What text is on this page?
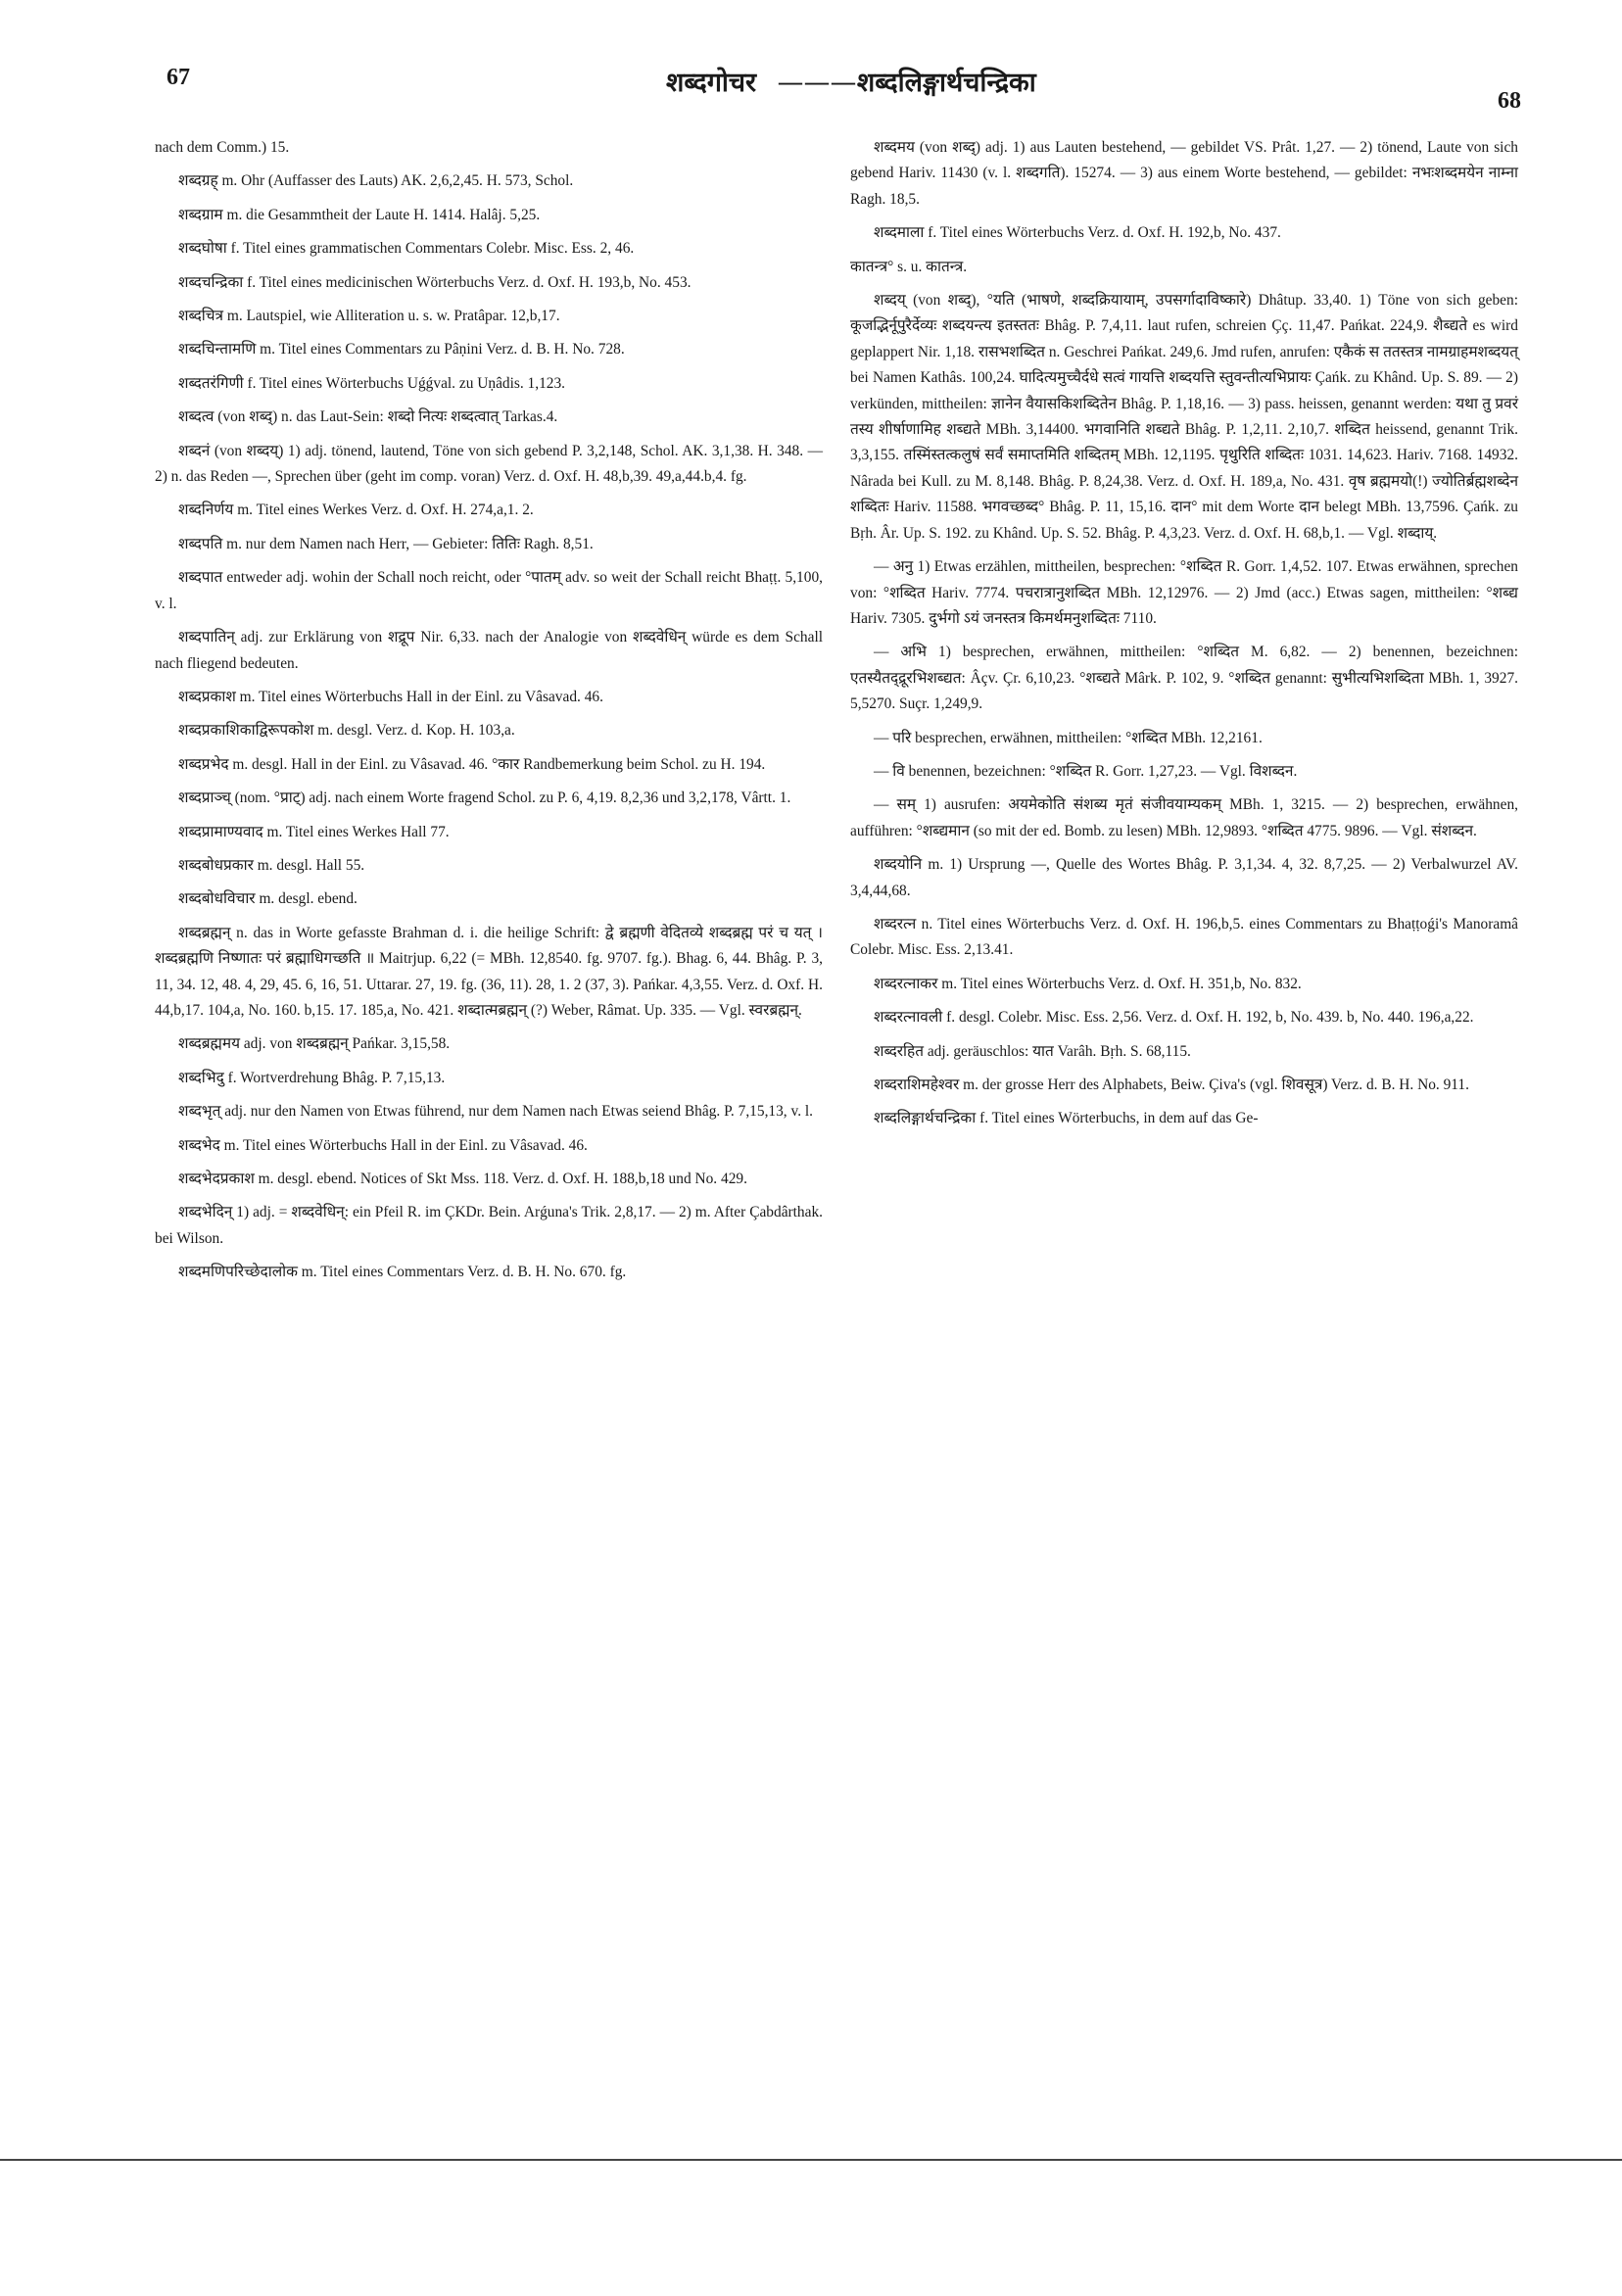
67	शब्दगोचर ——— शब्दलिङ्गार्थचन्द्रिका
68

nach dem Comm.) 15.

शब्दग्रह् m. Ohr (Auffasser des Lauts) AK. 2,6,2,45. H. 573, Schol.

शब्दग्राम m. die Gesammtheit der Laute H. 1414. Halâj. 5,25.

शब्दघोषा f. Titel eines grammatischen Commentars Colebr. Misc. Ess. 2, 46.

शब्दचन्द्रिका f. Titel eines medicinischen Wörterbuchs Verz. d. Oxf. H. 193,b, No. 453.

शब्दचित्र m. Lautspiel, wie Alliteration u. s. w. Pratâpar. 12,b,17.

शब्दचिन्तामणि m. Titel eines Commentars zu Pâṇini Verz. d. B. H. No. 728.

शब्दतरंगिणी f. Titel eines Wörterbuchs Uǵǵval. zu Uṇâdis. 1,123.

शब्दत्व (von शब्द्) n. das Laut-Sein: शब्दो नित्यः शब्दत्वात् Tarkas.4.

शब्दनं (von शब्दय्) 1) adj. tönend, lautend, Töne von sich gebend P. 3,2,148, Schol. AK. 3,1,38. H. 348. — 2) n. das Reden —, Sprechen über (geht im comp. voran) Verz. d. Oxf. H. 48,b,39. 49,a,44.b,4. fg.

शब्दनिर्णय m. Titel eines Werkes Verz. d. Oxf. H. 274,a,1. 2.

शब्दपति m. nur dem Namen nach Herr, — Gebieter: तितिः Ragh. 8,51.

शब्दपात entweder adj. wohin der Schall noch reicht, oder °पातम् adv. so weit der Schall reicht Bhaṭṭ. 5,100, v. l.

शब्दपातिन् adj. zur Erklärung von शद्रूप Nir. 6,33. nach der Analogie von शब्दवेधिन् würde es dem Schall nach fliegend bedeuten.

शब्दप्रकाश m. Titel eines Wörterbuchs Hall in der Einl. zu Vâsavad. 46.

शब्दप्रकाशिकाद्विरूपकोश m. desgl. Verz. d. Kop. H. 103,a.

शब्दप्रभेद m. desgl. Hall in der Einl. zu Vâsavad. 46. °कार Randbemerkung beim Schol. zu H. 194.

शब्दप्राञ्च् (nom. °प्राट्) adj. nach einem Worte fragend Schol. zu P. 6, 4,19. 8,2,36 und 3,2,178, Vârtt. 1.

शब्दप्रामाण्यवाद m. Titel eines Werkes Hall 77.

शब्दबोधप्रकार m. desgl. Hall 55.

शब्दबोधविचार m. desgl. ebend.

शब्दब्रह्मन् n. das in Worte gefasste Brahman d. i. die heilige Schrift: द्वे ब्रह्मणी वेदितव्ये शब्दब्रह्म परं च यत् । शब्दब्रह्मणि निष्णातः परं ब्रह्माधिगच्छति ॥ Maitrjup. 6,22 (= MBh. 12,8540. fg. 9707. fg.). Bhag. 6, 44. Bhâg. P. 3, 11, 34. 12, 48. 4, 29, 45. 6, 16, 51. Uttarar. 27, 19. fg. (36, 11). 28, 1. 2 (37, 3). Pańkar. 4,3,55. Verz. d. Oxf. H. 44,b,17. 104,a, No. 160. b,15. 17. 185,a, No. 421. शब्दात्मब्रह्मन् (?) Weber, Râmat. Up. 335. — Vgl. स्वरब्रह्मन्.

शब्दब्रह्ममय adj. von शब्दब्रह्मन् Pańkar. 3,15,58.

शब्दभिदु f. Wortverdrehung Bhâg. P. 7,15,13.

शब्दभृत् adj. nur den Namen von Etwas führend, nur dem Namen nach Etwas seiend Bhâg. P. 7,15,13, v. l.

शब्दभेद m. Titel eines Wörterbuchs Hall in der Einl. zu Vâsavad. 46.

शब्दभेदप्रकाश m. desgl. ebend. Notices of Skt Mss. 118. Verz. d. Oxf. H. 188,b,18 und No. 429.

शब्दभेदिन् 1) adj. = शब्दवेधिन्: ein Pfeil R. im ÇKDr. Bein. Arǵuna's Trik. 2,8,17. — 2) m. After Çabdârthak. bei Wilson.

शब्दमणिपरिच्छेदालोक m. Titel eines Commentars Verz. d. B. H. No. 670. fg.

शब्दमय (von शब्द्) adj. 1) aus Lauten bestehend, — gebildet VS. Prât. 1,27. — 2) tönend, Laute von sich gebend Hariv. 11430 (v. l. शब्दगति). 15274. — 3) aus einem Worte bestehend, — gebildet: नभःशब्दमयेन नाम्ना Ragh. 18,5.

शब्दमाला f. Titel eines Wörterbuchs Verz. d. Oxf. H. 192,b, No. 437.

कातन्त्र° s. u. कातन्त्र.

शब्दय् (von शब्द्), °यति (भाषणे, शब्दक्रियायाम्, उपसर्गादाविष्कारे) Dhâtup. 33,40. 1) Töne von sich geben: कूजद्भिर्नूपुरैर्देव्यः शब्दयन्त्य इतस्ततः Bhâg. P. 7,4,11. laut rufen, schreien Çç. 11,47. Pańkat. 224,9. शैब्द्यते es wird geplappert Nir. 1,18. रासभशब्दित n. Geschrei Pańkat. 249,6. Jmd rufen, anrufen: एकैकं स ततस्तत्र नामग्राहमशब्दयत् bei Namen Kathâs. 100,24. घादित्यमुच्चैर्दधे सत्वं गायत्ति शब्दयत्ति स्तुवन्तीत्यभिप्रायः Çańk. zu Khând. Up. S. 89. — 2) verkünden, mittheilen: ज्ञानेन वैयासकिशब्दितेन Bhâg. P. 1,18,16. — 3) pass. heissen, genannt werden: यथा तु प्रवरं तस्य शीर्षाणामिह शब्द्यते MBh. 3,14400. भगवानिति शब्द्यते Bhâg. P. 1,2,11. 2,10,7. शब्दित heissend, genannt Trik. 3,3,155. तस्मिंस्तत्कलुषं सर्वं समाप्तमिति शब्दितम् MBh. 12,1195. पृथुरिति शब्दितः 1031. 14,623. Hariv. 7168. 14932. Nârada bei Kull. zu M. 8,148. Bhâg. P. 8,24,38. Verz. d. Oxf. H. 189,a, No. 431. वृष ब्रह्ममयो(!) ज्योतिर्ब्रह्मशब्देन शब्दितः Hariv. 11588. भगवच्छब्द° Bhâg. P. 11, 15,16. दान° mit dem Worte दान belegt MBh. 13,7596. Çańk. zu Bṛh. Âr. Up. S. 192. zu Khând. Up. S. 52. Bhâg. P. 4,3,23. Verz. d. Oxf. H. 68,b,1. — Vgl. शब्दाय्.

— अनु 1) Etwas erzählen, mittheilen, besprechen: °शब्दित R. Gorr. 1,4,52. 107. Etwas erwähnen, sprechen von: °शब्दित Hariv. 7774. पचरात्रानुशब्दित MBh. 12,12976. — 2) Jmd (acc.) Etwas sagen, mittheilen: °शब्द्य Hariv. 7305. दुर्भगो ऽयं जनस्तत्र किमर्थमनुशब्दितः 7110.

— अभि 1) besprechen, erwähnen, mittheilen: °शब्दित M. 6,82. — 2) benennen, bezeichnen: एतस्यैतद्द्रूरभिशब्द्यत: Âçv. Çr. 6,10,23. °शब्द्यते Mârk. P. 102, 9. °शब्दित genannt: सुभीत्यभिशब्दिता MBh. 1, 3927. 5,5270. Suçr. 1,249,9.

— परि besprechen, erwähnen, mittheilen: °शब्दित MBh. 12,2161.

— वि benennen, bezeichnen: °शब्दित R. Gorr. 1,27,23. — Vgl. विशब्दन.

— सम् 1) ausrufen: अयमेकोति संशब्य मृतं संजीवयाम्यकम् MBh. 1, 3215. — 2) besprechen, erwähnen, aufführen: °शब्द्यमान (so mit der ed. Bomb. zu lesen) MBh. 12,9893. °शब्दित 4775. 9896. — Vgl. संशब्दन.

शब्दयोनि m. 1) Ursprung —, Quelle des Wortes Bhâg. P. 3,1,34. 4, 32. 8,7,25. — 2) Verbalwurzel AV. 3,4,44,68.

शब्दरत्न n. Titel eines Wörterbuchs Verz. d. Oxf. H. 196,b,5. eines Commentars zu Bhaṭṭoǵi's Manoramâ Colebr. Misc. Ess. 2,13.41.

शब्दरत्नाकर m. Titel eines Wörterbuchs Verz. d. Oxf. H. 351,b, No. 832.

शब्दरत्नावली f. desgl. Colebr. Misc. Ess. 2,56. Verz. d. Oxf. H. 192, b, No. 439. b, No. 440. 196,a,22.

शब्दरहित adj. geräuschlos: यात Varâh. Bṛh. S. 68,115.

शब्दराशिमहेश्वर m. der grosse Herr des Alphabets, Beiw. Çiva's (vgl. शिवसूत्र) Verz. d. B. H. No. 911.

शब्दलिङ्गार्थचन्द्रिका f. Titel eines Wörterbuchs, in dem auf das Ge-
